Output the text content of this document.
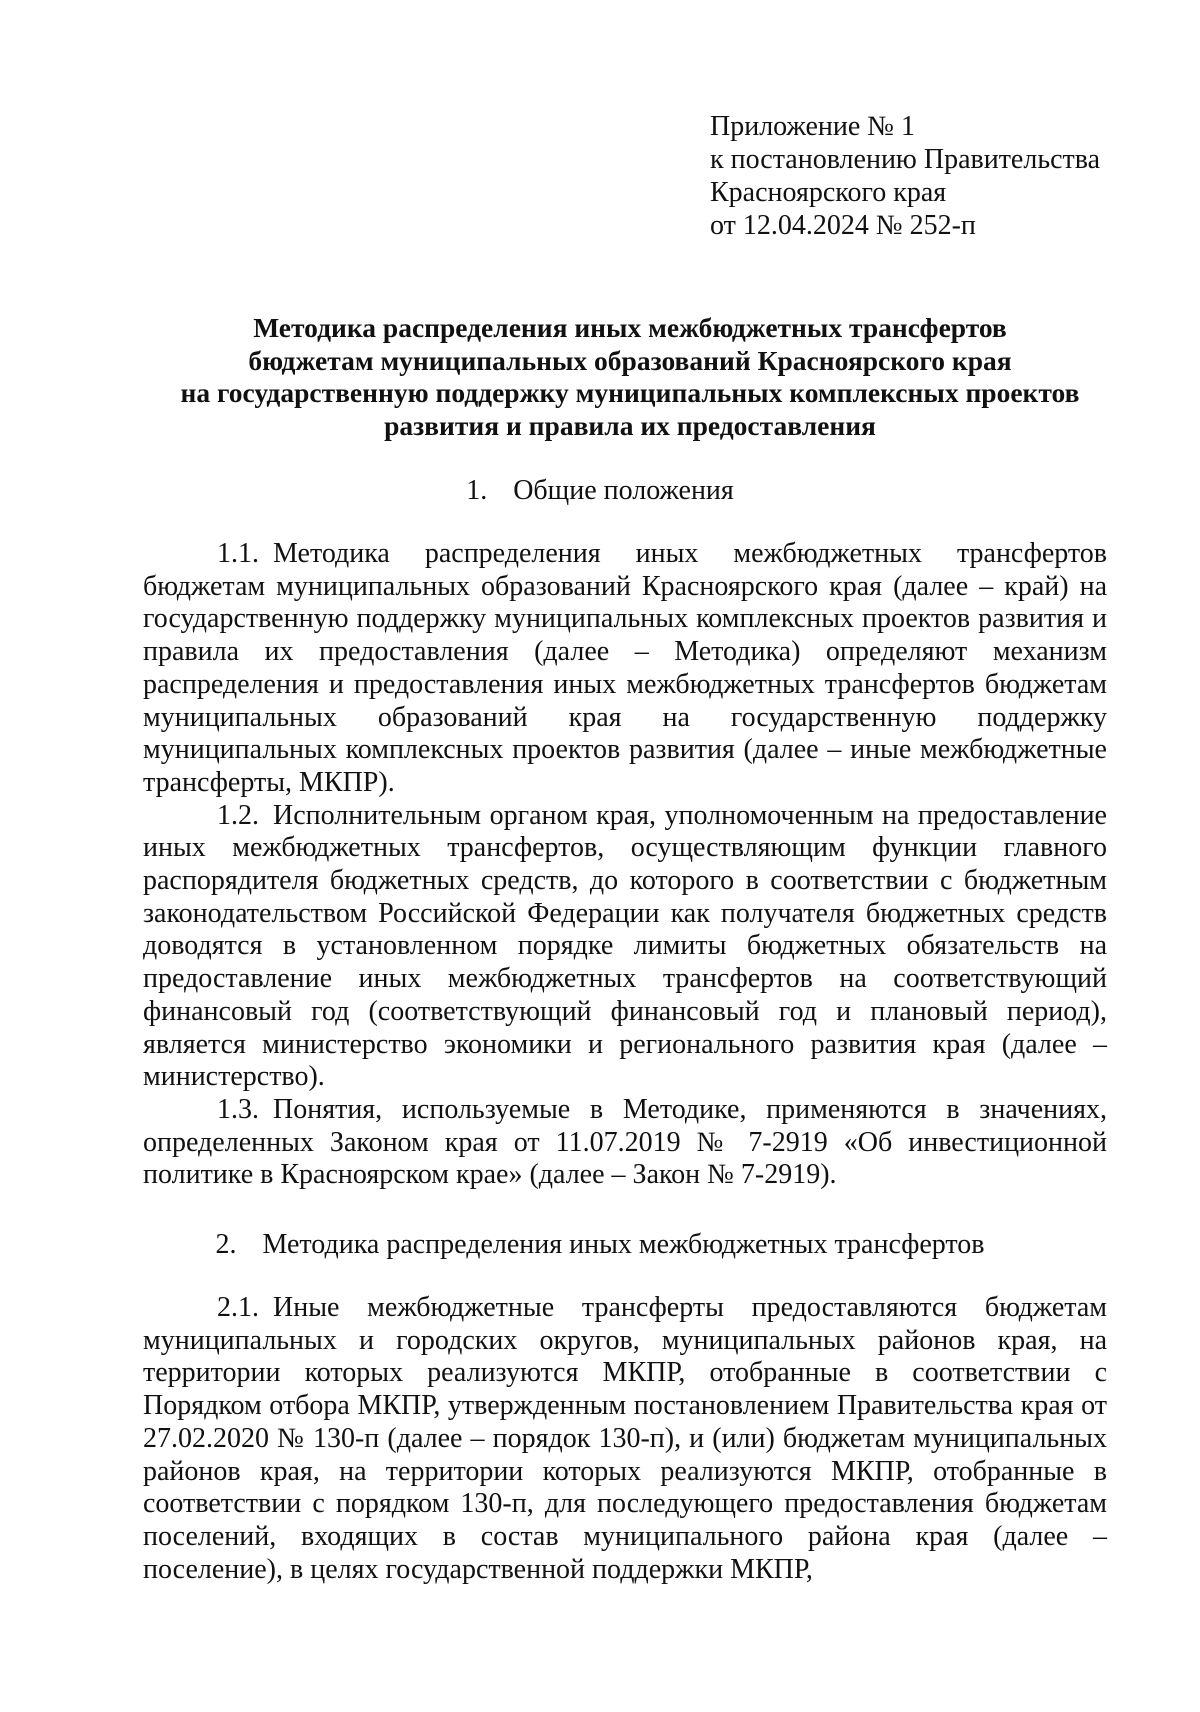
Приложение № 1
к постановлению Правительства
Красноярского края
от 12.04.2024 № 252-п
Методика распределения иных межбюджетных трансфертов
бюджетам муниципальных образований Красноярского края
на государственную поддержку муниципальных комплексных проектов
развития и правила их предоставления
1. Общие положения

1.1. Методика распределения иных межбюджетных трансфертов бюджетам муниципальных образований Красноярского края (далее – край) на государственную поддержку муниципальных комплексных проектов развития и правила их предоставления (далее – Методика) определяют механизм распределения и предоставления иных межбюджетных трансфертов бюджетам муниципальных образований края на государственную поддержку муниципальных комплексных проектов развития (далее – иные межбюджетные трансферты, МКПР).

1.2. Исполнительным органом края, уполномоченным на предоставление иных межбюджетных трансфертов, осуществляющим функции главного распорядителя бюджетных средств, до которого в соответствии с бюджетным законодательством Российской Федерации как получателя бюджетных средств доводятся в установленном порядке лимиты бюджетных обязательств на предоставление иных межбюджетных трансфертов на соответствующий финансовый год (соответствующий финансовый год и плановый период), является министерство экономики и регионального развития края (далее – министерство).

1.3. Понятия, используемые в Методике, применяются в значениях, определенных Законом края от 11.07.2019 № 7-2919 «Об инвестиционной политике в Красноярском крае» (далее – Закон № 7-2919).

2. Методика распределения иных межбюджетных трансфертов

2.1. Иные межбюджетные трансферты предоставляются бюджетам муниципальных и городских округов, муниципальных районов края, на территории которых реализуются МКПР, отобранные в соответствии с Порядком отбора МКПР, утвержденным постановлением Правительства края от 27.02.2020 № 130-п (далее – порядок 130-п), и (или) бюджетам муниципальных районов края, на территории которых реализуются МКПР, отобранные в соответствии с порядком 130-п, для последующего предоставления бюджетам поселений, входящих в состав муниципального района края (далее – поселение), в целях государственной поддержки МКПР,
